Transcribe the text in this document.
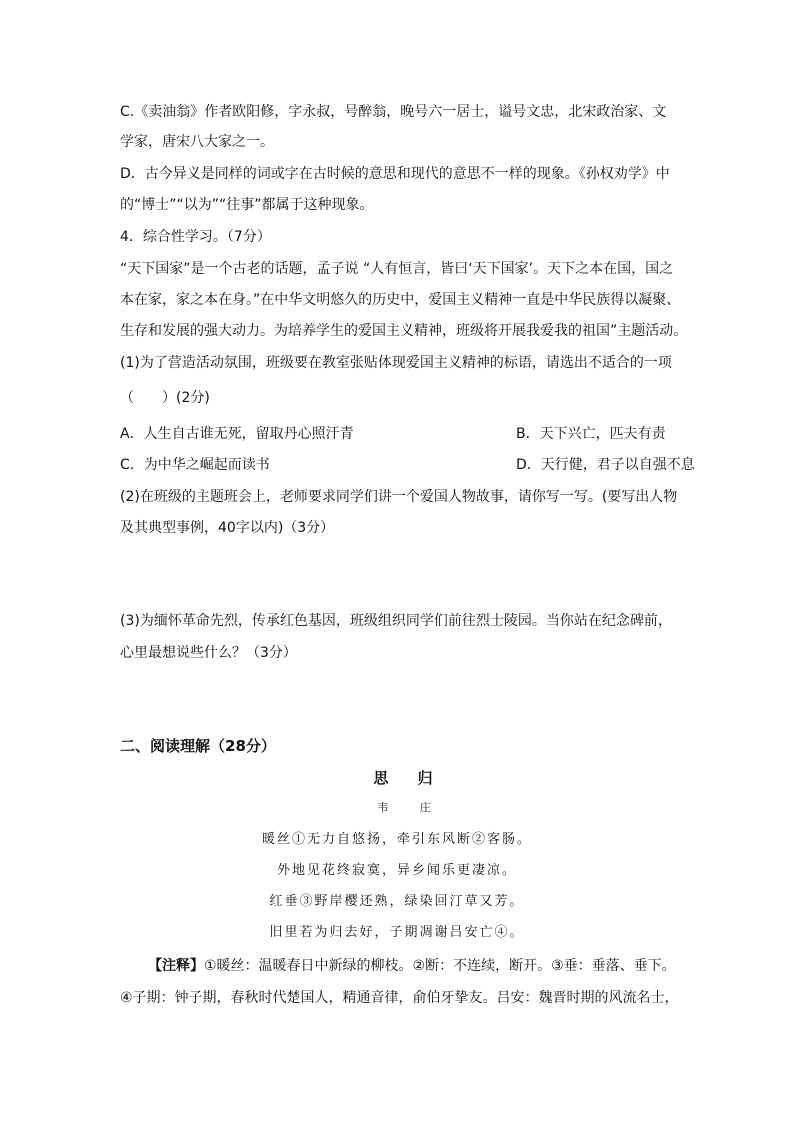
C.《卖油翁》作者欧阳修，字永叔，号醉翁，晚号六一居士，谥号文忠，北宋政治家、文
学家，唐宋八大家之一。
D．古今异义是同样的词或字在古时候的意思和现代的意思不一样的现象。《孙权劝学》中
的“博士”“以为”“往事”都属于这种现象。
4．综合性学习。（7分）
“天下国家”是一个古老的话题，孟子说 “人有恒言，皆曰‘天下国家’。天下之本在国，国之
本在家，家之本在身。”在中华文明悠久的历史中，爱国主义精神一直是中华民族得以凝聚、
生存和发展的强大动力。为培养学生的爱国主义精神，班级将开展我爱我的祖国”主题活动。
(1)为了营造活动氛围，班级要在教室张贴体现爱国主义精神的标语，请选出不适合的一项
（　　）(2分)
A．人生自古谁无死，留取丹心照汗青	B．天下兴亡，匹夫有责
C．为中华之崛起而读书	D．天行健，君子以自强不息
(2)在班级的主题班会上，老师要求同学们讲一个爱国人物故事，请你写一写。(要写出人物
及其典型事例，40字以内)（3分）
(3)为缅怀革命先烈，传承红色基因，班级组织同学们前往烈士陵园。当你站在纪念碑前，
心里最想说些什么？（3分）
二、阅读理解（28分）
思 归
韦 庄
暖丝①无力自悠扬，牵引东风断②客肠。
外地见花终寂寞，异乡闻乐更凄凉。
红垂③野岸樱还熟，绿染回汀草又芳。
旧里若为归去好，子期凋谢吕安亡④。
【注释】①暖丝：温暖春日中新绿的柳枝。②断：不连续，断开。③垂：垂落、垂下。
④子期：钟子期，春秋时代楚国人，精通音律，俞伯牙挚友。吕安：魏晋时期的风流名士，
